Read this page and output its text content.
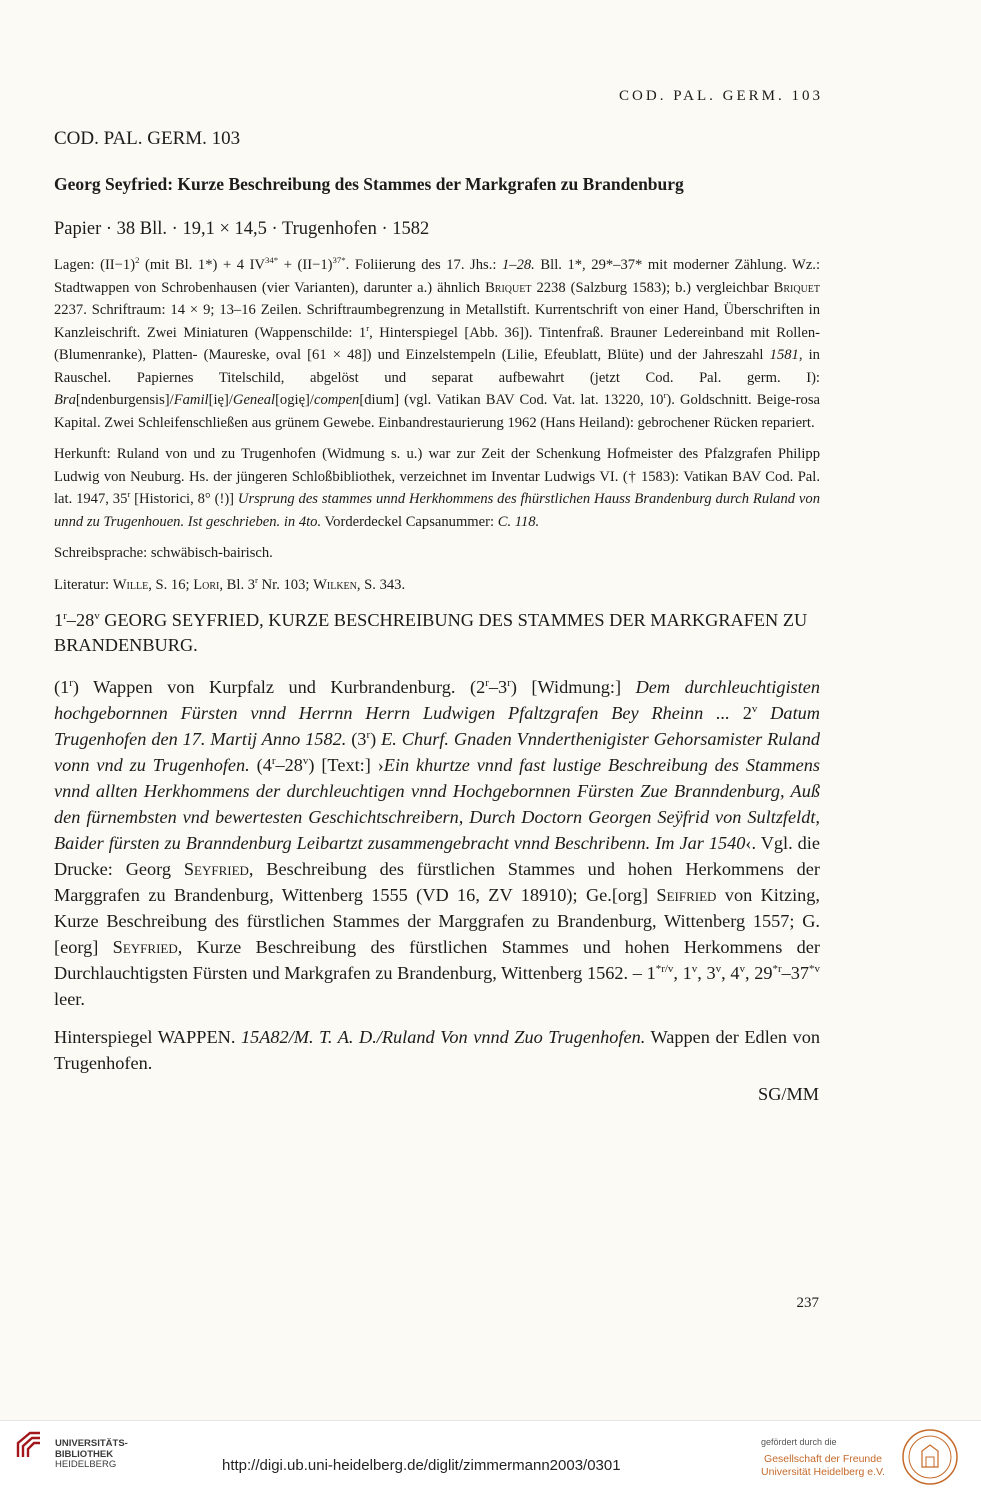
COD. PAL. GERM. 103
COD. PAL. GERM. 103
Georg Seyfried: Kurze Beschreibung des Stammes der Markgrafen zu Brandenburg
Papier · 38 Bll. · 19,1 × 14,5 · Trugenhofen · 1582

Lagen: $(II-1)^2$ (mit Bl. 1*) + 4 $IV^{34*} + (II-1)^{37*}$. Foliierung des 17. Jhs.: 1–28. Bll. 1*, 29*–37* mit moderner Zählung. Wz.: Stadtwappen von Schrobenhausen (vier Varianten), darunter a.) ähnlich Briquet 2238 (Salzburg 1583); b.) vergleichbar Briquet 2237. Schriftraum: 14 × 9; 13–16 Zeilen. Schriftraumbegrenzung in Metallstift. Kurrentschrift von einer Hand, Überschriften in Kanzleischrift. Zwei Miniaturen (Wappenschilde: 1$^r$, Hinterspiegel [Abb. 36]). Tintenfraß. Brauner Ledereinband mit Rollen- (Blumenranke), Platten- (Maureske, oval [61 × 48]) und Einzelstempeln (Lilie, Efeublatt, Blüte) und der Jahreszahl 1581, in Rauschel. Papiernes Titelschild, abgelöst und separat aufbewahrt (jetzt Cod. Pal. germ. I): Bra[ndenburgensis]/Famil[ię]/Geneal[ogię]/compen[dium] (vgl. Vatikan BAV Cod. Vat. lat. 13220, 10$^r$). Goldschnitt. Beige-rosa Kapital. Zwei Schleifenschließen aus grünem Gewebe. Einbandrestaurierung 1962 (Hans Heiland): gebrochener Rücken repariert.

Herkunft: Ruland von und zu Trugenhofen (Widmung s. u.) war zur Zeit der Schenkung Hofmeister des Pfalzgrafen Philipp Ludwig von Neuburg. Hs. der jüngeren Schloßbibliothek, verzeichnet im Inventar Ludwigs VI. († 1583): Vatikan BAV Cod. Pal. lat. 1947, 35$^r$ [Historici, 8° (!)] Ursprung des stammes unnd Herkhommens des fhürstlichen Hauss Brandenburg durch Ruland von unnd zu Trugenhouen. Ist geschrieben. in 4to. Vorderdeckel Capsanummer: C. 118.

Schreibsprache: schwäbisch-bairisch.

Literatur: Wille, S. 16; Lori, Bl. 3$^r$ Nr. 103; Wilken, S. 343.

1$^r$–28$^v$ GEORG SEYFRIED, KURZE BESCHREIBUNG DES STAMMES DER MARKGRAFEN ZU BRANDENBURG.

(1$^r$) Wappen von Kurpfalz und Kurbrandenburg. (2$^r$–3$^r$) [Widmung:] Dem durchleuchtigisten hochgebornnen Fürsten vnnd Herrnn Herrn Ludwigen Pfaltzgrafen Bey Rheinn ... 2$^v$ Datum Trugenhofen den 17. Martij Anno 1582. (3$^r$) E. Churf. Gnaden Vnnderthenigister Gehorsamister Ruland vonn vnd zu Trugenhofen. (4$^r$–28$^v$) [Text:] ›Ein khurtze vnnd fast lustige Beschreibung des Stammens vnnd allten Herkhommens der durchleuchtigen vnnd Hochgebornnen Fürsten Zue Branndenburg, Auß den fürnembsten vnd bewertesten Geschichtschreibern, Durch Doctorn Georgen Seÿfrid von Sultzfeldt, Baider fürsten zu Branndenburg Leibartzt zusammengebracht vnnd Beschribenn. Im Jar 1540‹. Vgl. die Drucke: Georg Seyfried, Beschreibung des fürstlichen Stammes und hohen Herkommens der Marggrafen zu Brandenburg, Wittenberg 1555 (VD 16, ZV 18910); Ge.[org] Seifried von Kitzing, Kurze Beschreibung des fürstlichen Stammes der Marggrafen zu Brandenburg, Wittenberg 1557; G.[eorg] Seyfried, Kurze Beschreibung des fürstlichen Stammes und hohen Herkommens der Durchlauchtigsten Fürsten und Markgrafen zu Brandenburg, Wittenberg 1562. – $1^{*r/v}$, 1$^v$, 3$^v$, 4$^v$, 29$^{*r}$–37$^{*v}$ leer.

Hinterspiegel WAPPEN. 15A82/M. T. A. D./Ruland Von vnnd Zuo Trugenhofen. Wappen der Edlen von Trugenhofen.

SG/MM
237
UNIVERSITÄTS-
BIBLIOTHEK
HEIDELBERG	http://digi.ub.uni-heidelberg.de/diglit/zimmermann2003/0301
gefördert durch die
Gesellschaft der Freunde
Universität Heidelberg e.V.
